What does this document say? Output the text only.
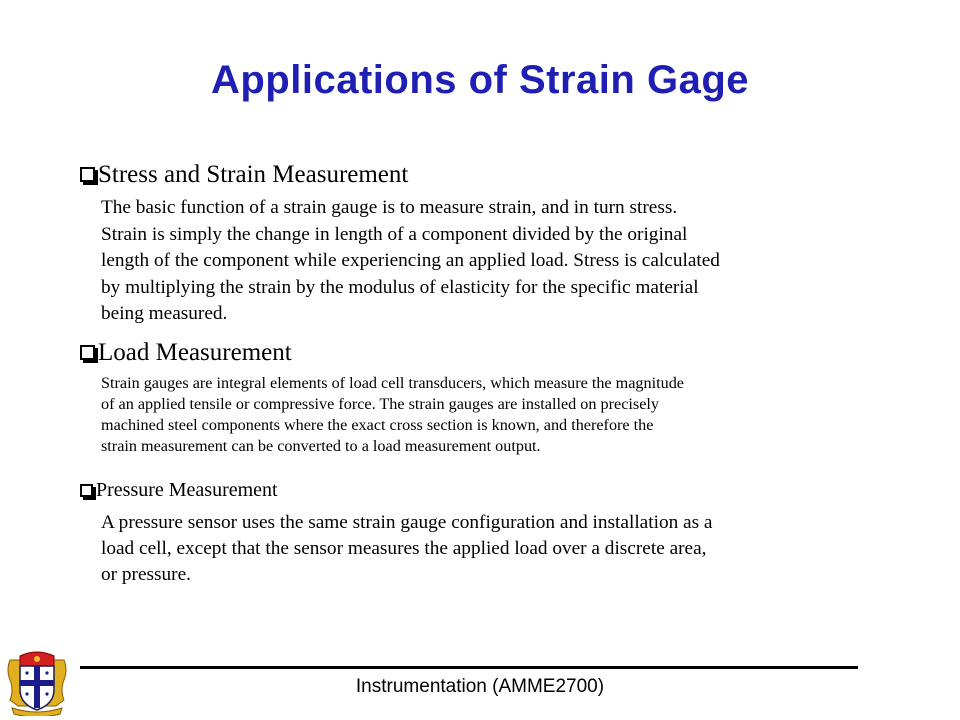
Applications of Strain Gage
Stress and Strain Measurement
The basic function of a strain gauge is to measure strain, and in turn stress.
Strain is simply the change in length of a component divided by the original
length of the component while experiencing an applied load. Stress is calculated
by multiplying the strain by the modulus of elasticity for the specific material
being measured.
Load Measurement
Strain gauges are integral elements of load cell transducers, which measure the magnitude
of an applied tensile or compressive force. The strain gauges are installed on precisely
machined steel components where the exact cross section is known, and therefore the
strain measurement can be converted to a load measurement output.
Pressure Measurement
A pressure sensor uses the same strain gauge configuration and installation as a
load cell, except that the sensor measures the applied load over a discrete area,
or pressure.
Instrumentation (AMME2700)
